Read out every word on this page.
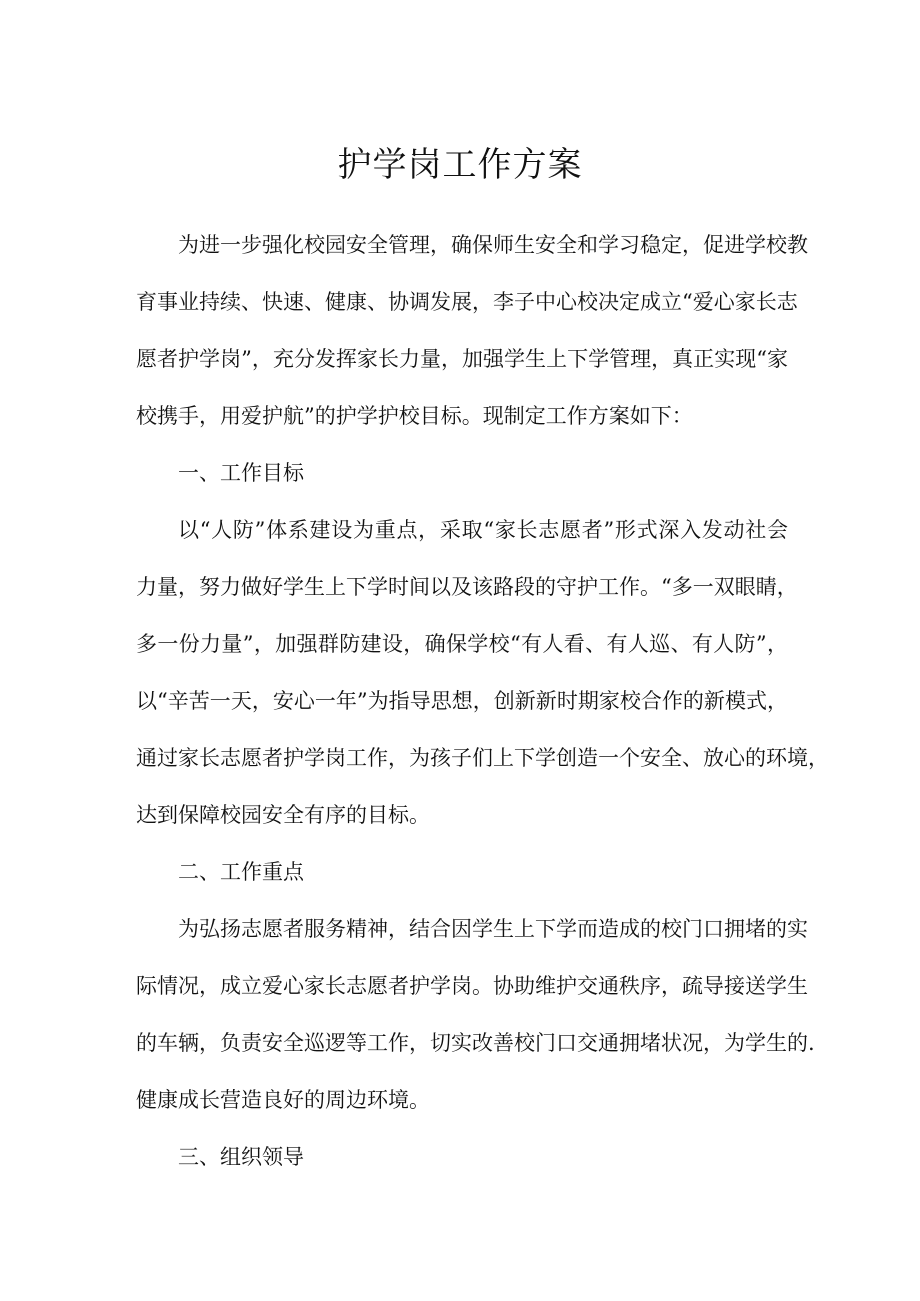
护学岗工作方案

为进一步强化校园安全管理，确保师生安全和学习稳定，促进学校教

育事业持续、快速、健康、协调发展，李子中心校决定成立“爱心家长志

愿者护学岗”，充分发挥家长力量，加强学生上下学管理，真正实现“家

校携手，用爱护航”的护学护校目标。现制定工作方案如下：

一、工作目标

以“人防”体系建设为重点，采取“家长志愿者”形式深入发动社会

力量，努力做好学生上下学时间以及该路段的守护工作。“多一双眼睛，

多一份力量”，加强群防建设，确保学校“有人看、有人巡、有人防”，

以“辛苦一天，安心一年”为指导思想，创新新时期家校合作的新模式，

通过家长志愿者护学岗工作，为孩子们上下学创造一个安全、放心的环境，

达到保障校园安全有序的目标。

二、工作重点

为弘扬志愿者服务精神，结合因学生上下学而造成的校门口拥堵的实

际情况，成立爱心家长志愿者护学岗。协助维护交通秩序，疏导接送学生

的车辆，负责安全巡逻等工作，切实改善校门口交通拥堵状况，为学生的.

健康成长营造良好的周边环境。

三、组织领导
